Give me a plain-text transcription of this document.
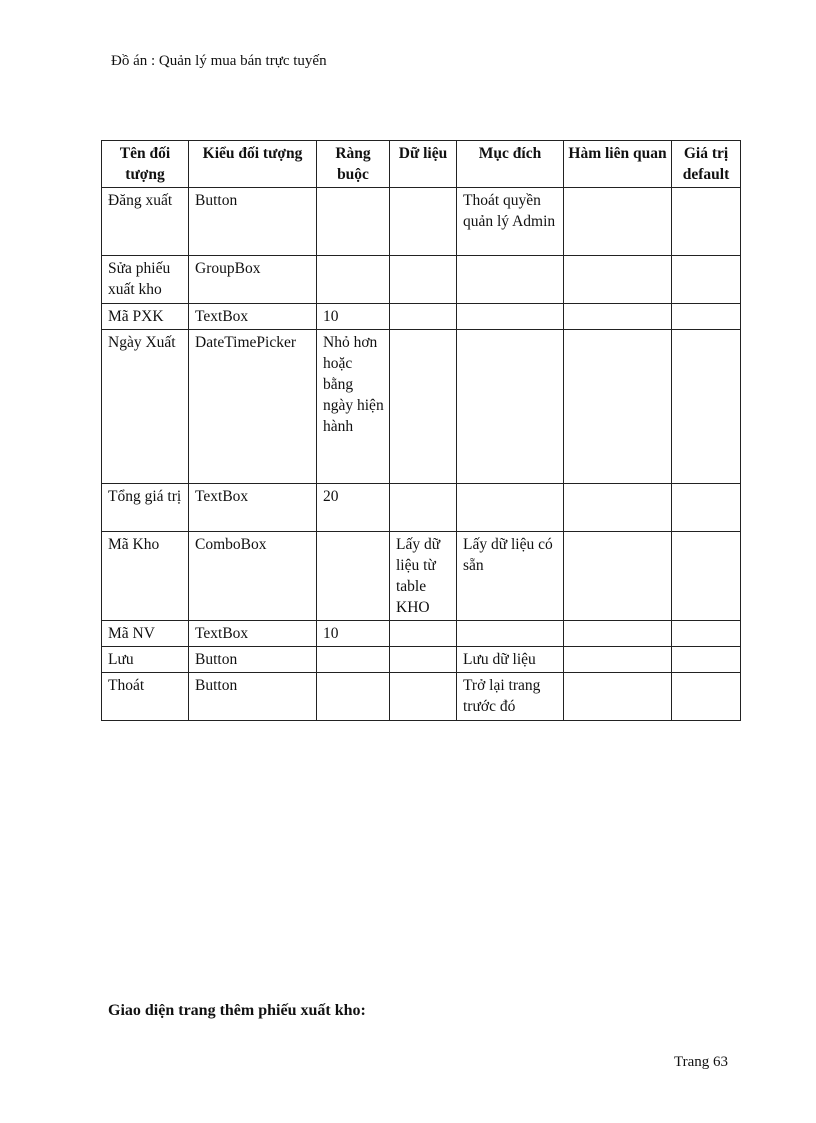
Đồ án : Quản lý mua bán trực tuyến
Tên đối tượng	Kiểu đối tượng	Ràng buộc	Dữ liệu	Mục đích	Hàm liên quan	Giá trị default
Đăng xuất	Button			Thoát quyền quản lý Admin		
Sửa phiếu xuất kho	GroupBox					
Mã PXK	TextBox	10				
Ngày Xuất	DateTimePicker	Nhỏ hơn hoặc bằng ngày hiện hành				
Tổng giá trị	TextBox	20				
Mã Kho	ComboBox		Lấy dữ liệu từ table KHO	Lấy dữ liệu có sẵn		
Mã NV	TextBox	10				
Lưu	Button			Lưu dữ liệu		
Thoát	Button			Trở lại trang trước đó		
Giao diện trang thêm phiếu xuất kho:
Trang 63
